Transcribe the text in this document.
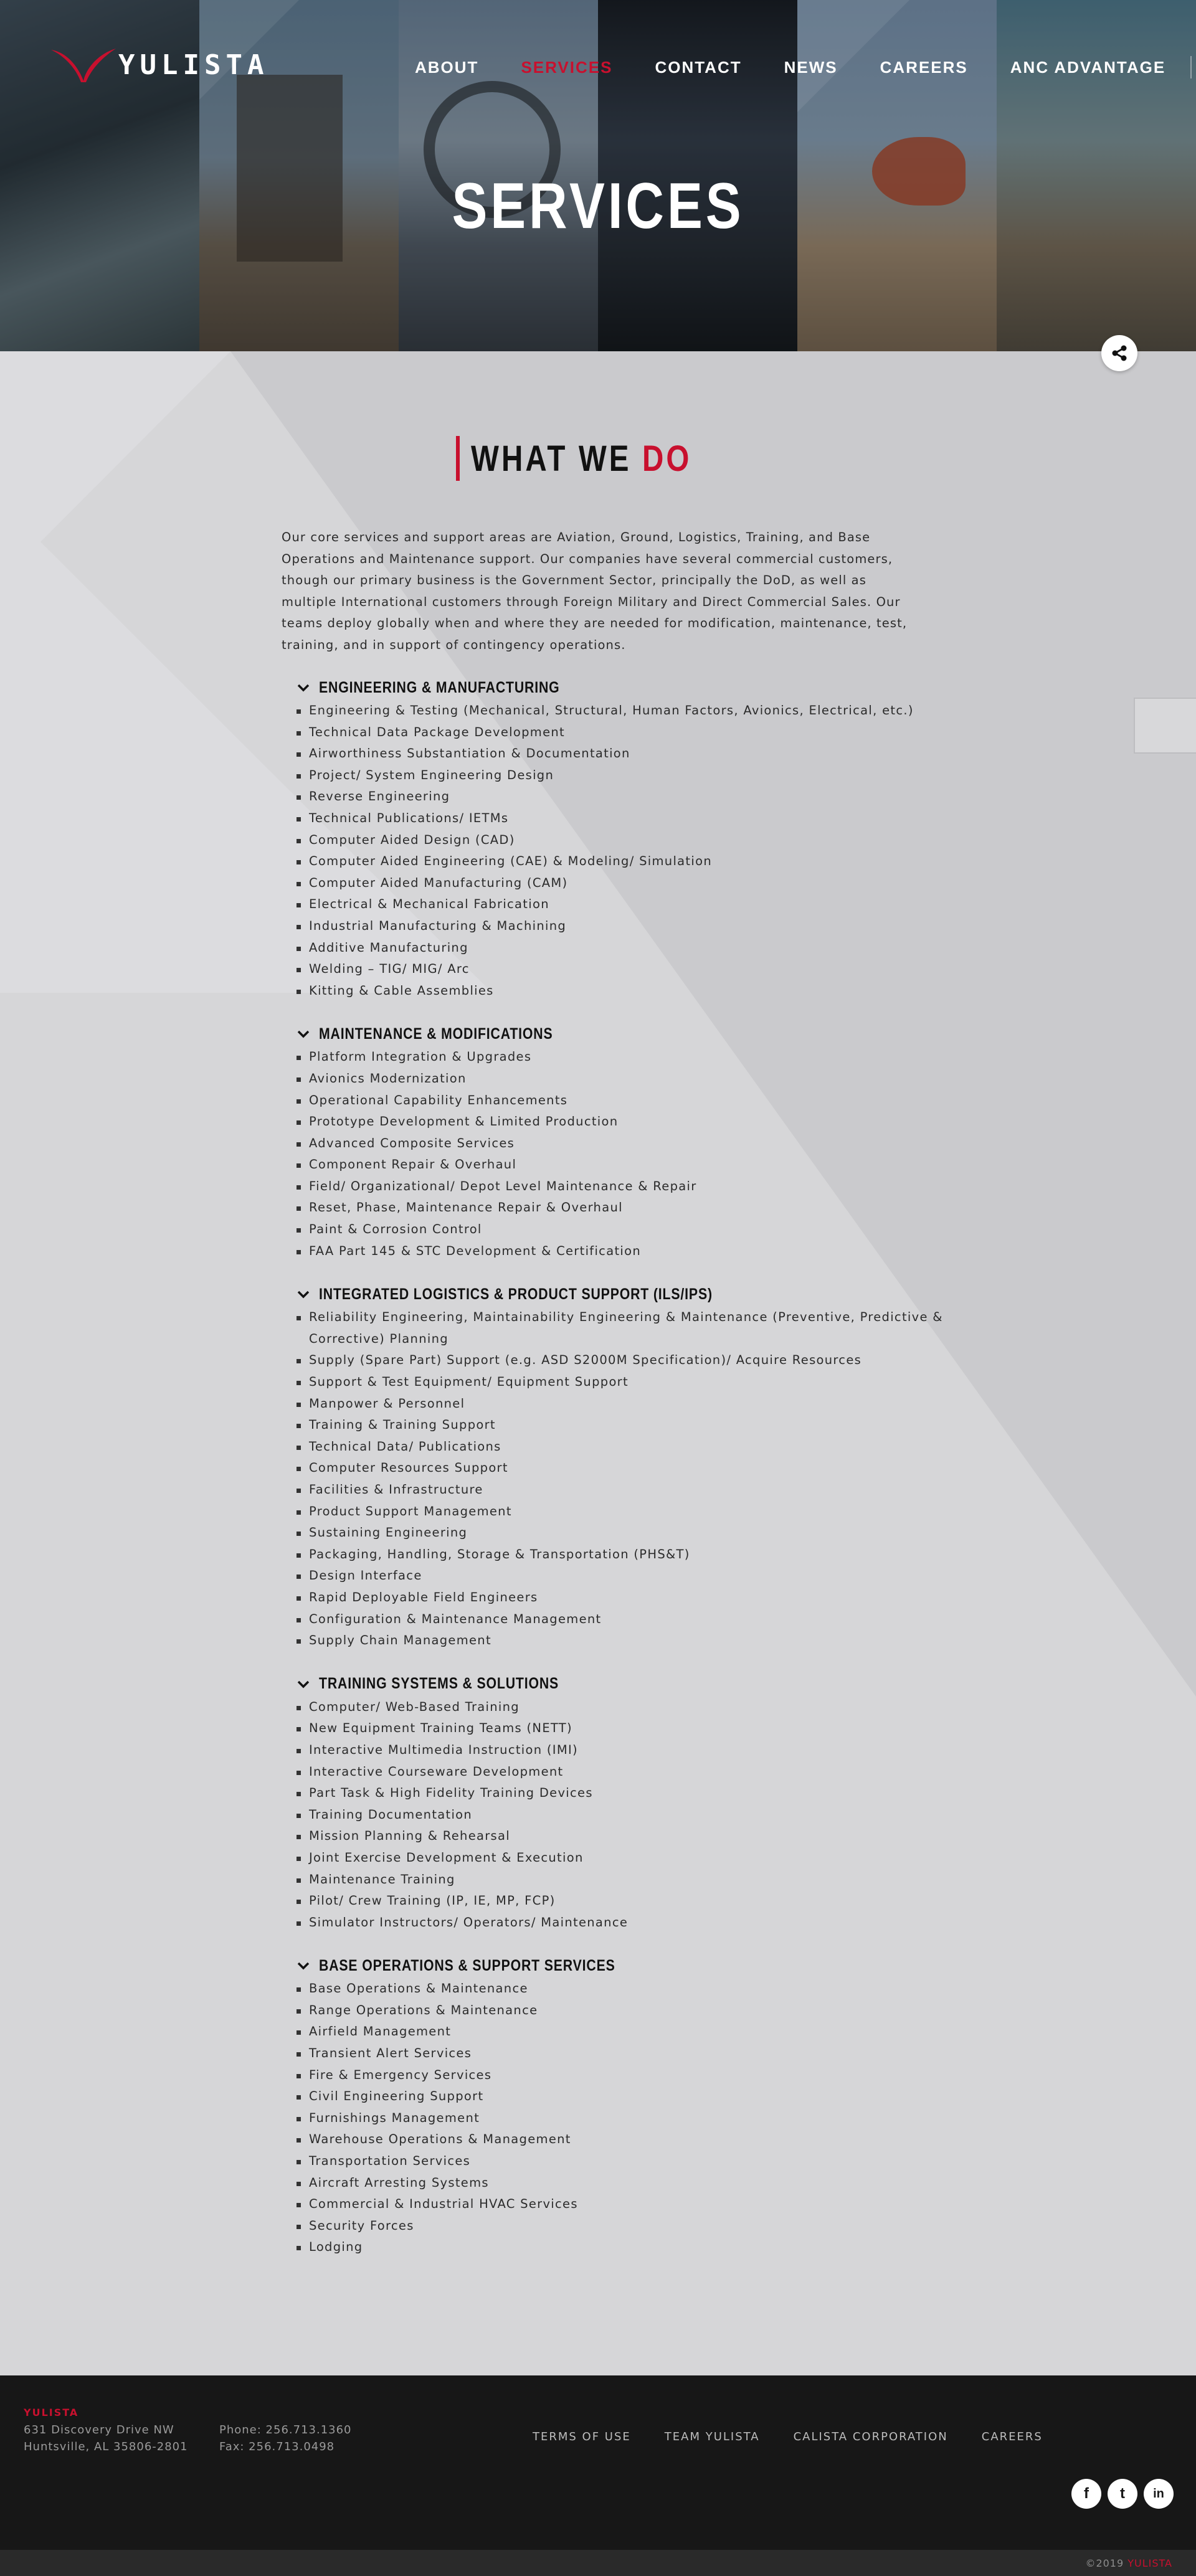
YULISTA	ABOUT	SERVICES	CONTACT	NEWS	CAREERS	ANC ADVANTAGE
SERVICES
WHAT WE DO

Our core services and support areas are Aviation, Ground, Logistics, Training, and Base Operations and Maintenance support. Our companies have several commercial customers, though our primary business is the Government Sector, principally the DoD, as well as multiple International customers through Foreign Military and Direct Commercial Sales. Our teams deploy globally when and where they are needed for modification, maintenance, test, training, and in support of contingency operations.

ENGINEERING & MANUFACTURING
Engineering & Testing (Mechanical, Structural, Human Factors, Avionics, Electrical, etc.)
Technical Data Package Development
Airworthiness Substantiation & Documentation
Project/ System Engineering Design
Reverse Engineering
Technical Publications/ IETMs
Computer Aided Design (CAD)
Computer Aided Engineering (CAE) & Modeling/ Simulation
Computer Aided Manufacturing (CAM)
Electrical & Mechanical Fabrication
Industrial Manufacturing & Machining
Additive Manufacturing
Welding – TIG/ MIG/ Arc
Kitting & Cable Assemblies
MAINTENANCE & MODIFICATIONS
Platform Integration & Upgrades
Avionics Modernization
Operational Capability Enhancements
Prototype Development & Limited Production
Advanced Composite Services
Component Repair & Overhaul
Field/ Organizational/ Depot Level Maintenance & Repair
Reset, Phase, Maintenance Repair & Overhaul
Paint & Corrosion Control
FAA Part 145 & STC Development & Certification
INTEGRATED LOGISTICS & PRODUCT SUPPORT (ILS/IPS)
Reliability Engineering, Maintainability Engineering & Maintenance (Preventive, Predictive & Corrective) Planning
Supply (Spare Part) Support (e.g. ASD S2000M Specification)/ Acquire Resources
Support & Test Equipment/ Equipment Support
Manpower & Personnel
Training & Training Support
Technical Data/ Publications
Computer Resources Support
Facilities & Infrastructure
Product Support Management
Sustaining Engineering
Packaging, Handling, Storage & Transportation (PHS&T)
Design Interface
Rapid Deployable Field Engineers
Configuration & Maintenance Management
Supply Chain Management
TRAINING SYSTEMS & SOLUTIONS
Computer/ Web-Based Training
New Equipment Training Teams (NETT)
Interactive Multimedia Instruction (IMI)
Interactive Courseware Development
Part Task & High Fidelity Training Devices
Training Documentation
Mission Planning & Rehearsal
Joint Exercise Development & Execution
Maintenance Training
Pilot/ Crew Training (IP, IE, MP, FCP)
Simulator Instructors/ Operators/ Maintenance
BASE OPERATIONS & SUPPORT SERVICES
Base Operations & Maintenance
Range Operations & Maintenance
Airfield Management
Transient Alert Services
Fire & Emergency Services
Civil Engineering Support
Furnishings Management
Warehouse Operations & Management
Transportation Services
Aircraft Arresting Systems
Commercial & Industrial HVAC Services
Security Forces
Lodging
YULISTA
631 Discovery Drive NW
Huntsville, AL 35806-2801
Phone: 256.713.1360
Fax: 256.713.0498
TERMS OF USE	TEAM YULISTA	CALISTA CORPORATION	CAREERS
f	t	in
©2019 YULISTA
